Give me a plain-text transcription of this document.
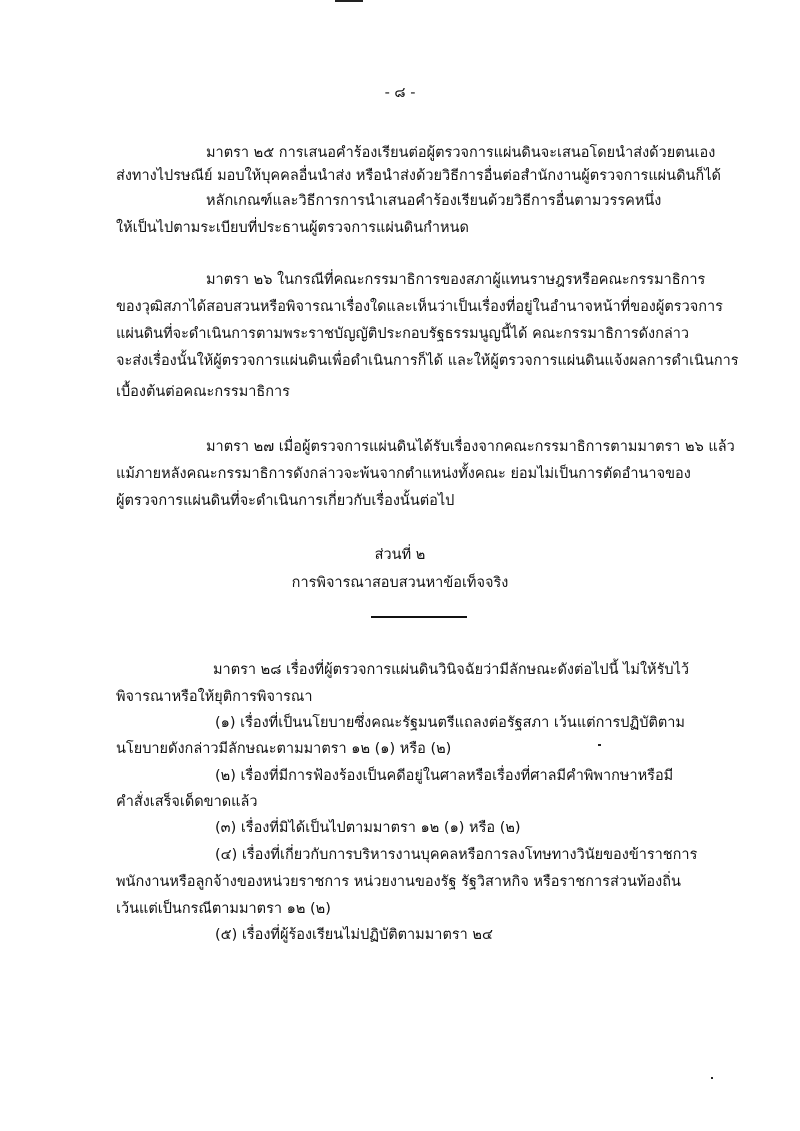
- ๘ -
มาตรา ๒๕ การเสนอคำร้องเรียนต่อผู้ตรวจการแผ่นดินจะเสนอโดยนำส่งด้วยตนเอง
ส่งทางไปรษณีย์ มอบให้บุคคลอื่นนำส่ง หรือนำส่งด้วยวิธีการอื่นต่อสำนักงานผู้ตรวจการแผ่นดินก็ได้
หลักเกณฑ์และวิธีการการนำเสนอคำร้องเรียนด้วยวิธีการอื่นตามวรรคหนึ่ง
ให้เป็นไปตามระเบียบที่ประธานผู้ตรวจการแผ่นดินกำหนด
มาตรา ๒๖ ในกรณีที่คณะกรรมาธิการของสภาผู้แทนราษฎรหรือคณะกรรมาธิการ
ของวุฒิสภาได้สอบสวนหรือพิจารณาเรื่องใดและเห็นว่าเป็นเรื่องที่อยู่ในอำนาจหน้าที่ของผู้ตรวจการ
แผ่นดินที่จะดำเนินการตามพระราชบัญญัติประกอบรัฐธรรมนูญนี้ได้ คณะกรรมาธิการดังกล่าว
จะส่งเรื่องนั้นให้ผู้ตรวจการแผ่นดินเพื่อดำเนินการก็ได้ และให้ผู้ตรวจการแผ่นดินแจ้งผลการดำเนินการ
เบื้องต้นต่อคณะกรรมาธิการ
มาตรา ๒๗ เมื่อผู้ตรวจการแผ่นดินได้รับเรื่องจากคณะกรรมาธิการตามมาตรา ๒๖ แล้ว
แม้ภายหลังคณะกรรมาธิการดังกล่าวจะพ้นจากตำแหน่งทั้งคณะ ย่อมไม่เป็นการตัดอำนาจของ
ผู้ตรวจการแผ่นดินที่จะดำเนินการเกี่ยวกับเรื่องนั้นต่อไป
ส่วนที่ ๒
การพิจารณาสอบสวนหาข้อเท็จจริง
มาตรา ๒๘ เรื่องที่ผู้ตรวจการแผ่นดินวินิจฉัยว่ามีลักษณะดังต่อไปนี้ ไม่ให้รับไว้
พิจารณาหรือให้ยุติการพิจารณา
(๑) เรื่องที่เป็นนโยบายซึ่งคณะรัฐมนตรีแถลงต่อรัฐสภา เว้นแต่การปฏิบัติตาม
นโยบายดังกล่าวมีลักษณะตามมาตรา ๑๒ (๑) หรือ (๒)
(๒) เรื่องที่มีการฟ้องร้องเป็นคดีอยู่ในศาลหรือเรื่องที่ศาลมีคำพิพากษาหรือมี
คำสั่งเสร็จเด็ดขาดแล้ว
(๓) เรื่องที่มิได้เป็นไปตามมาตรา ๑๒ (๑) หรือ (๒)
(๔) เรื่องที่เกี่ยวกับการบริหารงานบุคคลหรือการลงโทษทางวินัยของข้าราชการ
พนักงานหรือลูกจ้างของหน่วยราชการ หน่วยงานของรัฐ รัฐวิสาหกิจ หรือราชการส่วนท้องถิ่น
เว้นแต่เป็นกรณีตามมาตรา ๑๒ (๒)
(๕) เรื่องที่ผู้ร้องเรียนไม่ปฏิบัติตามมาตรา ๒๔
